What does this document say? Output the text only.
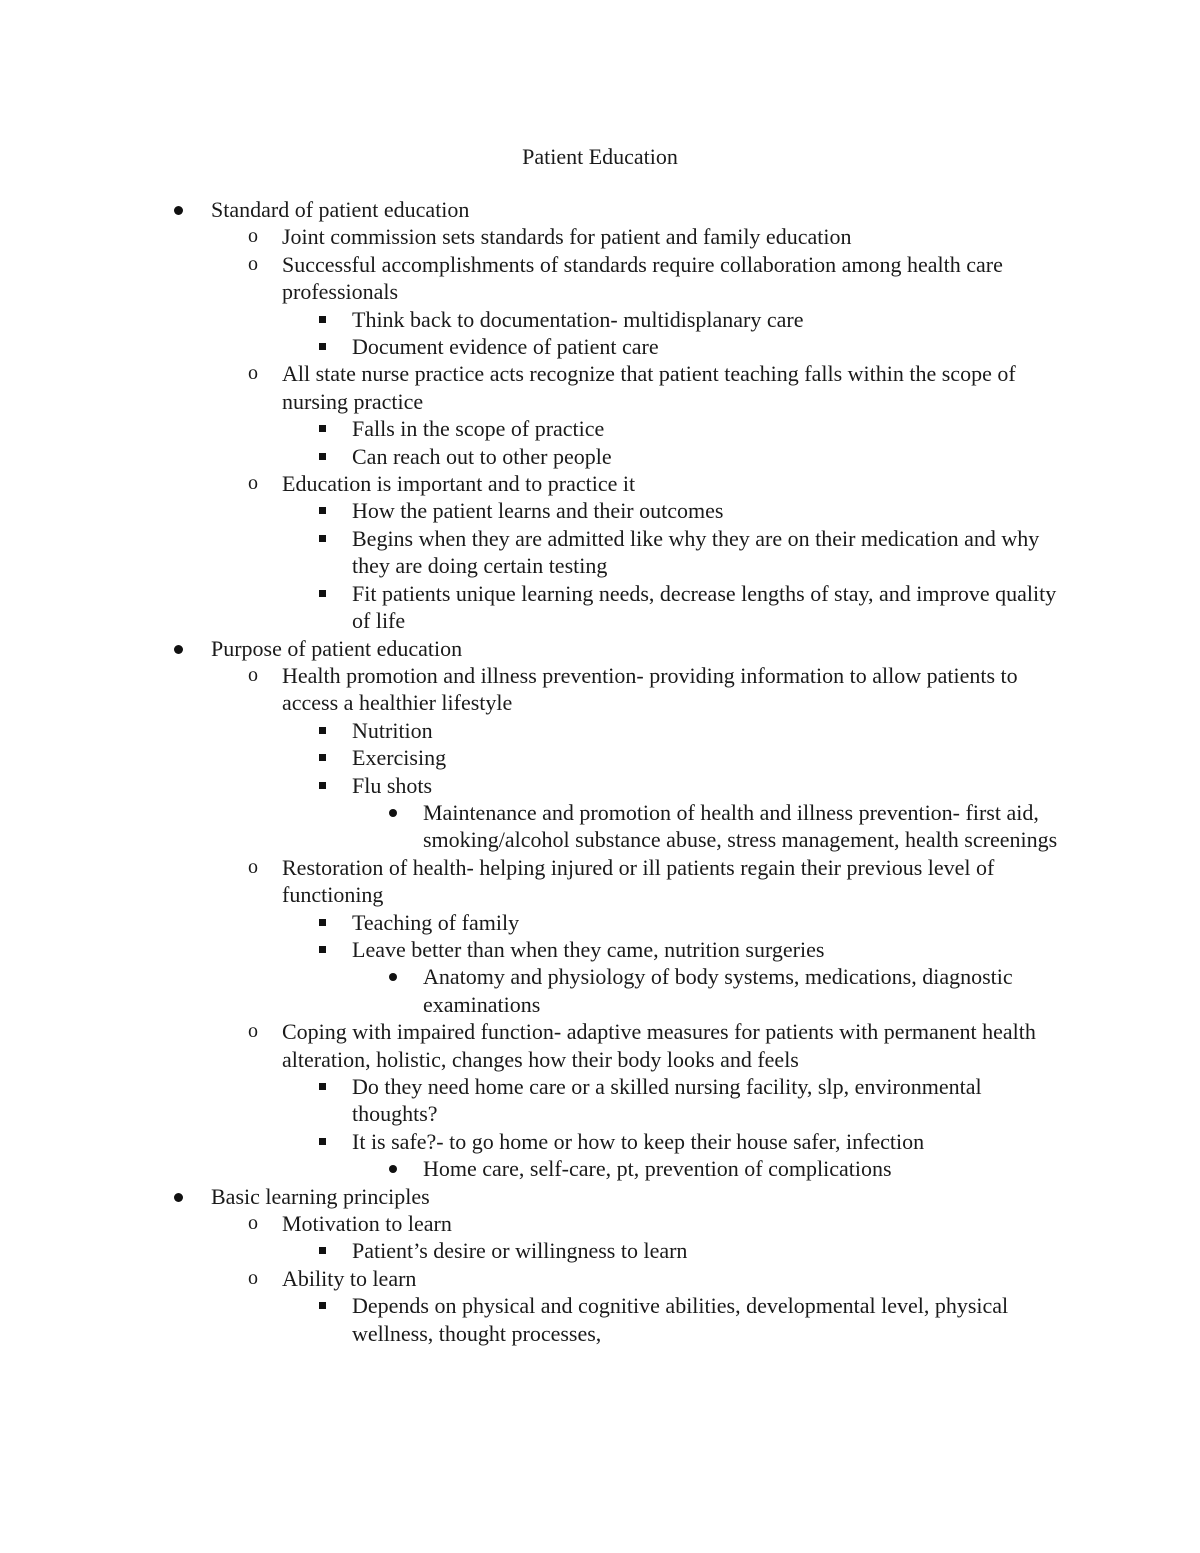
Patient Education
Standard of patient education
o Joint commission sets standards for patient and family education
o Successful accomplishments of standards require collaboration among health care professionals
Think back to documentation- multidisplanary care
Document evidence of patient care
o All state nurse practice acts recognize that patient teaching falls within the scope of nursing practice
Falls in the scope of practice
Can reach out to other people
o Education is important and to practice it
How the patient learns and their outcomes
Begins when they are admitted like why they are on their medication and why they are doing certain testing
Fit patients unique learning needs, decrease lengths of stay, and improve quality of life
Purpose of patient education
o Health promotion and illness prevention- providing information to allow patients to access a healthier lifestyle
Nutrition
Exercising
Flu shots
Maintenance and promotion of health and illness prevention- first aid, smoking/alcohol substance abuse, stress management, health screenings
o Restoration of health- helping injured or ill patients regain their previous level of functioning
Teaching of family
Leave better than when they came, nutrition surgeries
Anatomy and physiology of body systems, medications, diagnostic examinations
o Coping with impaired function- adaptive measures for patients with permanent health alteration, holistic, changes how their body looks and feels
Do they need home care or a skilled nursing facility, slp, environmental thoughts?
It is safe?- to go home or how to keep their house safer, infection
Home care, self-care, pt, prevention of complications
Basic learning principles
o Motivation to learn
Patient’s desire or willingness to learn
o Ability to learn
Depends on physical and cognitive abilities, developmental level, physical wellness, thought processes,
